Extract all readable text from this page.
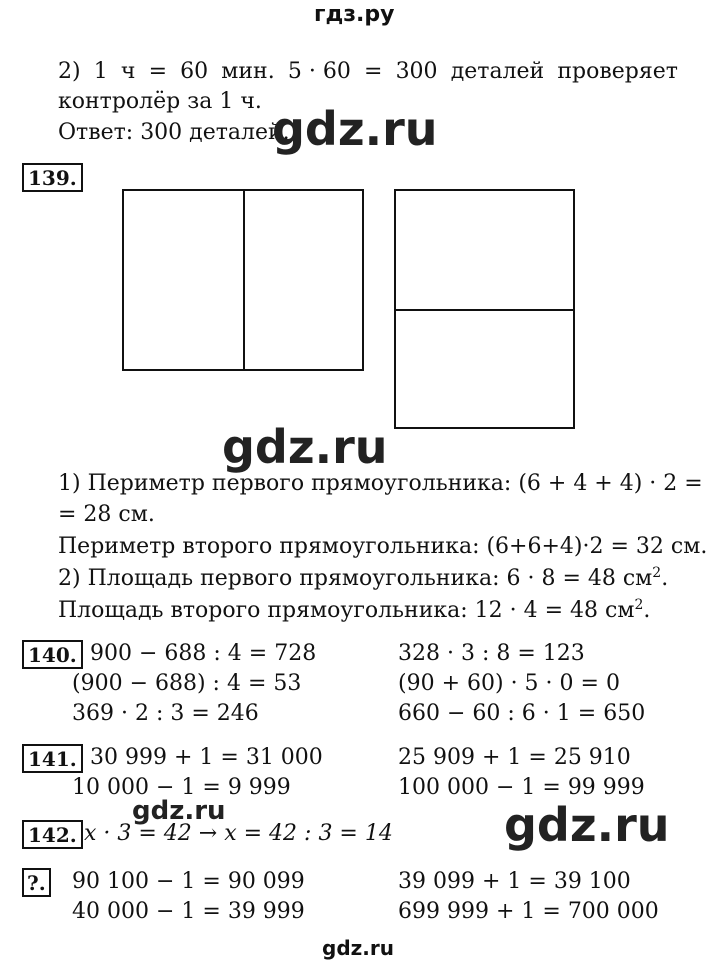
гдз.ру
2) 1 ч = 60 мин. 5 · 60 = 300 деталей проверяет
контролёр за 1 ч.
Ответ: 300 деталей.
gdz.ru
139.
gdz.ru
1) Периметр первого прямоугольника: (6 + 4 + 4) · 2 =
= 28 см.
Периметр второго прямоугольника: (6+6+4)·2 = 32 см.
2) Площадь первого прямоугольника: 6 · 8 = 48 $см^2$.
Площадь второго прямоугольника: 12 · 4 = 48 $см^2$.
140. 900 − 688 : 4 = 728
(900 − 688) : 4 = 53
369 · 2 : 3 = 246
328 · 3 : 8 = 123
(90 + 60) · 5 · 0 = 0
660 − 60 : 6 · 1 = 650
141. 30 999 + 1 = 31 000
10 000 − 1 = 9 999
25 909 + 1 = 25 910
100 000 − 1 = 99 999
gdz.ru
142. x · 3 = 42 → x = 42 : 3 = 14 gdz.ru
?. 90 100 − 1 = 90 099
40 000 − 1 = 39 999
39 099 + 1 = 39 100
699 999 + 1 = 700 000
gdz.ru
